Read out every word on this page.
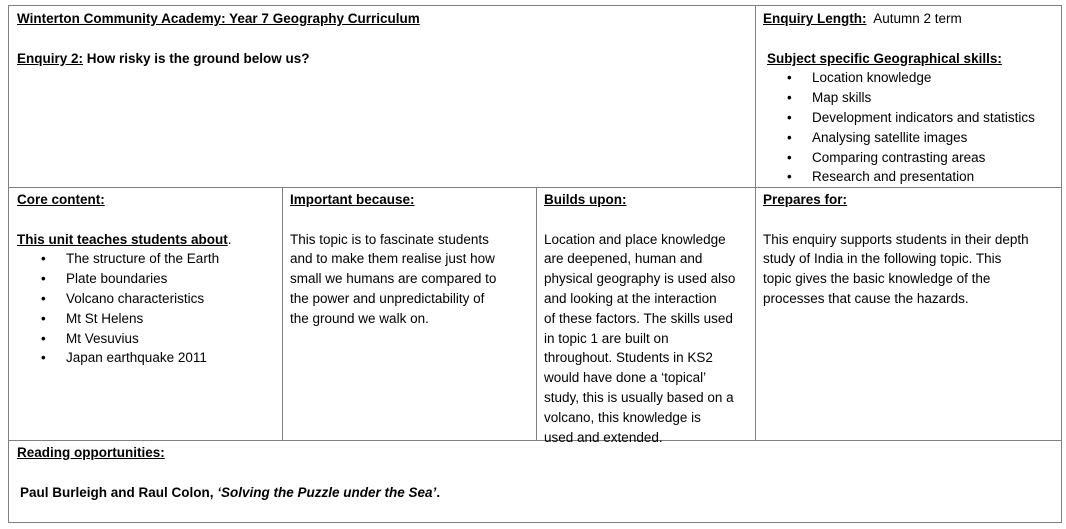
Winterton Community Academy: Year 7 Geography Curriculum
Enquiry 2: How risky is the ground below us?
Enquiry Length:  Autumn 2 term
Subject specific Geographical skills:
• Location knowledge
• Map skills
• Development indicators and statistics
• Analysing satellite images
• Comparing contrasting areas
• Research and presentation
Core content:
This unit teaches students about.
• The structure of the Earth
• Plate boundaries
• Volcano characteristics
• Mt St Helens
• Mt Vesuvius
• Japan earthquake 2011
Important because:

This topic is to fascinate students

and to make them realise just how

small we humans are compared to

the power and unpredictability of

the ground we walk on.

Builds upon:

Location and place knowledge

are deepened, human and

physical geography is used also

and looking at the interaction

of these factors. The skills used

in topic 1 are built on

throughout. Students in KS2

would have done a ‘topical’

study, this is usually based on a

volcano, this knowledge is

used and extended.

Prepares for:

This enquiry supports students in their depth

study of India in the following topic. This

topic gives the basic knowledge of the

processes that cause the hazards.

Reading opportunities:
Paul Burleigh and Raul Colon, ‘Solving the Puzzle under the Sea’.
